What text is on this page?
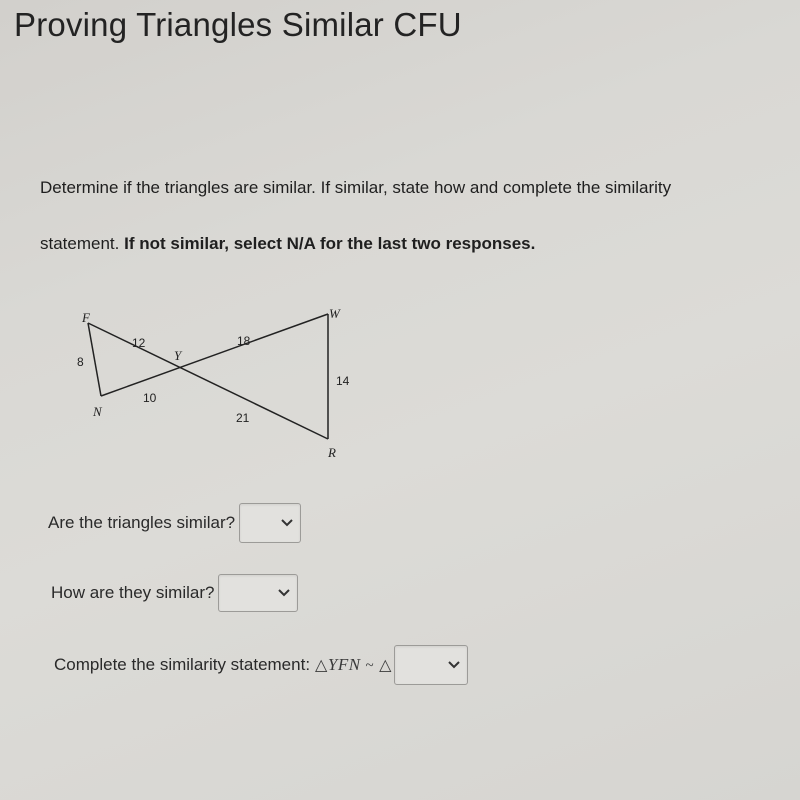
Proving Triangles Similar CFU
Determine if the triangles are similar. If similar, state how and complete the similarity
statement. If not similar, select N/A for the last two responses.
F
N
Y
W
R
8
12
10
18
14
21
Are the triangles similar?
How are they similar?
Complete the similarity statement: △YFN ~ △
